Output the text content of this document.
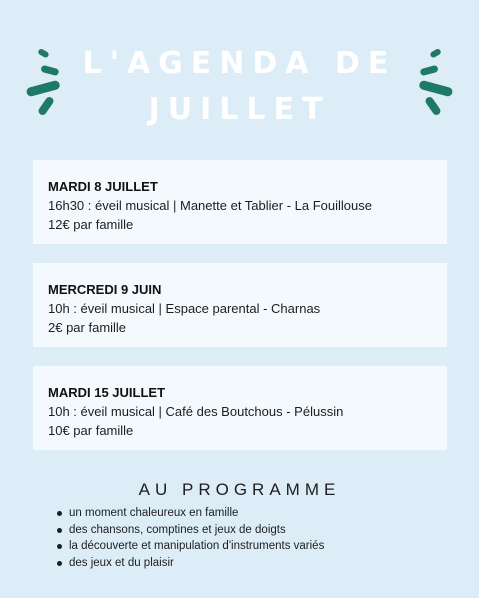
L'AGENDA DE
JUILLET
MARDI 8 JUILLET
16h30 : éveil musical | Manette et Tablier - La Fouillouse
12€ par famille
MERCREDI 9 JUIN
10h : éveil musical | Espace parental - Charnas
2€ par famille
MARDI 15 JUILLET
10h : éveil musical | Café des Boutchous - Pélussin
10€ par famille
AU PROGRAMME
un moment chaleureux en famille
des chansons, comptines et jeux de doigts
la découverte et manipulation d'instruments variés
des jeux et du plaisir
